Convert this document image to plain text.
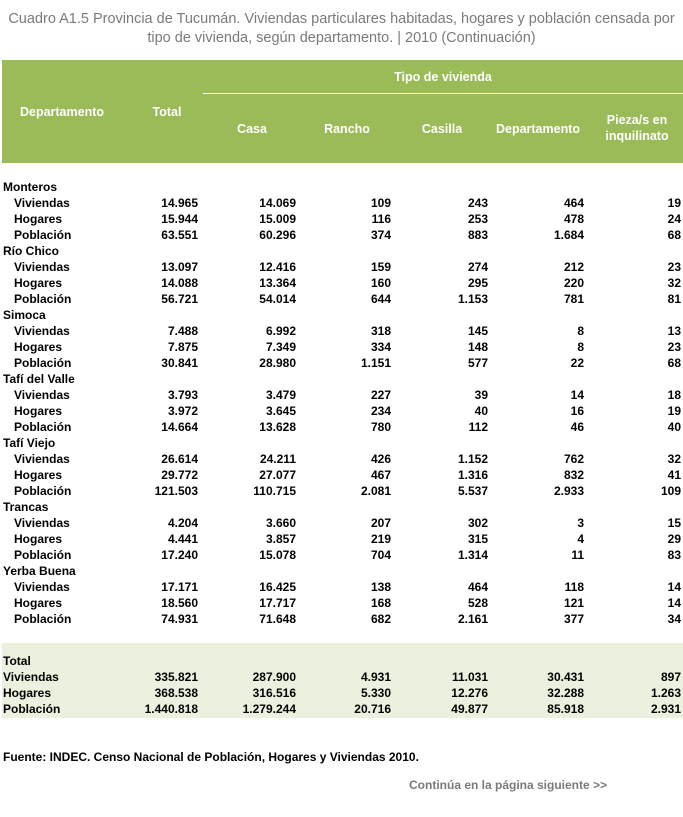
Cuadro A1.5 Provincia de Tucumán. Viviendas particulares habitadas, hogares y población censada por
tipo de vivienda, según departamento. | 2010 (Continuación)
Departamento	Total
Tipo de vivienda
Casa	Rancho	Casilla	Departamento
Pieza/s en
inquilinato
Monteros
Viviendas	14.965	14.069	109	243	464	19
Hogares	15.944	15.009	116	253	478	24
Población	63.551	60.296	374	883	1.684	68
Río Chico
Viviendas	13.097	12.416	159	274	212	23
Hogares	14.088	13.364	160	295	220	32
Población	56.721	54.014	644	1.153	781	81
Simoca
Viviendas	7.488	6.992	318	145	8	13
Hogares	7.875	7.349	334	148	8	23
Población	30.841	28.980	1.151	577	22	68
Tafí del Valle
Viviendas	3.793	3.479	227	39	14	18
Hogares	3.972	3.645	234	40	16	19
Población	14.664	13.628	780	112	46	40
Tafí Viejo
Viviendas	26.614	24.211	426	1.152	762	32
Hogares	29.772	27.077	467	1.316	832	41
Población	121.503	110.715	2.081	5.537	2.933	109
Trancas
Viviendas	4.204	3.660	207	302	3	15
Hogares	4.441	3.857	219	315	4	29
Población	17.240	15.078	704	1.314	11	83
Yerba Buena
Viviendas	17.171	16.425	138	464	118	14
Hogares	18.560	17.717	168	528	121	14
Población	74.931	71.648	682	2.161	377	34
Total
Viviendas	335.821	287.900	4.931	11.031	30.431	897
Hogares	368.538	316.516	5.330	12.276	32.288	1.263
Población	1.440.818	1.279.244	20.716	49.877	85.918	2.931
Fuente: INDEC. Censo Nacional de Población, Hogares y Viviendas 2010.
Continúa en la página siguiente >>
